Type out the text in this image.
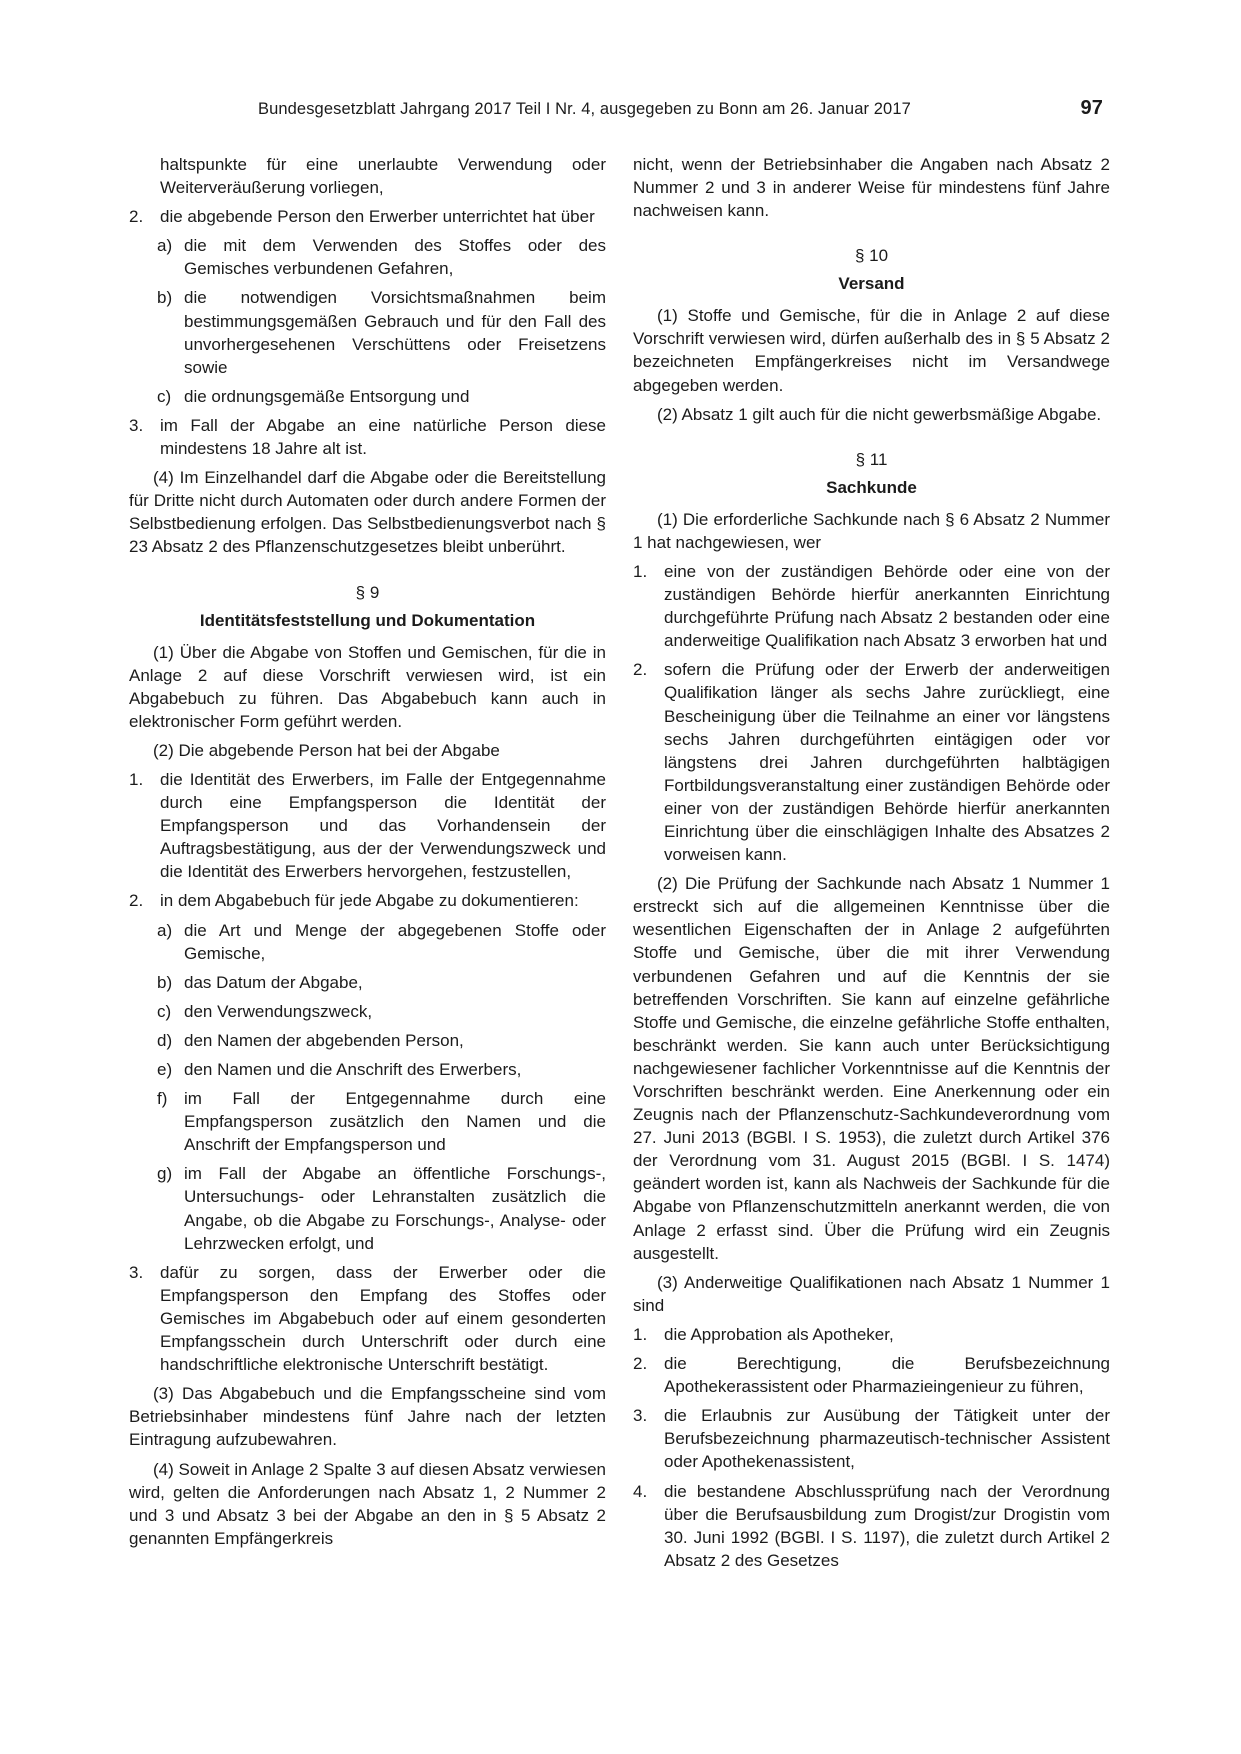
Bundesgesetzblatt Jahrgang 2017 Teil I Nr. 4, ausgegeben zu Bonn am 26. Januar 2017	97
haltspunkte für eine unerlaubte Verwendung oder Weiterveräußerung vorliegen,
2. die abgebende Person den Erwerber unterrichtet hat über
a) die mit dem Verwenden des Stoffes oder des Gemisches verbundenen Gefahren,
b) die notwendigen Vorsichtsmaßnahmen beim bestimmungsgemäßen Gebrauch und für den Fall des unvorhergesehenen Verschüttens oder Freisetzens sowie
c) die ordnungsgemäße Entsorgung und
3. im Fall der Abgabe an eine natürliche Person diese mindestens 18 Jahre alt ist.

(4) Im Einzelhandel darf die Abgabe oder die Bereitstellung für Dritte nicht durch Automaten oder durch andere Formen der Selbstbedienung erfolgen. Das Selbstbedienungsverbot nach § 23 Absatz 2 des Pflanzenschutzgesetzes bleibt unberührt.

§ 9
Identitätsfeststellung und Dokumentation

(1) Über die Abgabe von Stoffen und Gemischen, für die in Anlage 2 auf diese Vorschrift verwiesen wird, ist ein Abgabebuch zu führen. Das Abgabebuch kann auch in elektronischer Form geführt werden.

(2) Die abgebende Person hat bei der Abgabe

1. die Identität des Erwerbers, im Falle der Entgegennahme durch eine Empfangsperson die Identität der Empfangsperson und das Vorhandensein der Auftragsbestätigung, aus der der Verwendungszweck und die Identität des Erwerbers hervorgehen, festzustellen,
2. in dem Abgabebuch für jede Abgabe zu dokumentieren:
a) die Art und Menge der abgegebenen Stoffe oder Gemische,
b) das Datum der Abgabe,
c) den Verwendungszweck,
d) den Namen der abgebenden Person,
e) den Namen und die Anschrift des Erwerbers,
f) im Fall der Entgegennahme durch eine Empfangsperson zusätzlich den Namen und die Anschrift der Empfangsperson und
g) im Fall der Abgabe an öffentliche Forschungs-, Untersuchungs- oder Lehranstalten zusätzlich die Angabe, ob die Abgabe zu Forschungs-, Analyse- oder Lehrzwecken erfolgt, und
3. dafür zu sorgen, dass der Erwerber oder die Empfangsperson den Empfang des Stoffes oder Gemisches im Abgabebuch oder auf einem gesonderten Empfangsschein durch Unterschrift oder durch eine handschriftliche elektronische Unterschrift bestätigt.

(3) Das Abgabebuch und die Empfangsscheine sind vom Betriebsinhaber mindestens fünf Jahre nach der letzten Eintragung aufzubewahren.

(4) Soweit in Anlage 2 Spalte 3 auf diesen Absatz verwiesen wird, gelten die Anforderungen nach Absatz 1, 2 Nummer 2 und 3 und Absatz 3 bei der Abgabe an den in § 5 Absatz 2 genannten Empfängerkreis

nicht, wenn der Betriebsinhaber die Angaben nach Absatz 2 Nummer 2 und 3 in anderer Weise für mindestens fünf Jahre nachweisen kann.

§ 10
Versand

(1) Stoffe und Gemische, für die in Anlage 2 auf diese Vorschrift verwiesen wird, dürfen außerhalb des in § 5 Absatz 2 bezeichneten Empfängerkreises nicht im Versandwege abgegeben werden.

(2) Absatz 1 gilt auch für die nicht gewerbsmäßige Abgabe.

§ 11
Sachkunde

(1) Die erforderliche Sachkunde nach § 6 Absatz 2 Nummer 1 hat nachgewiesen, wer

1. eine von der zuständigen Behörde oder eine von der zuständigen Behörde hierfür anerkannten Einrichtung durchgeführte Prüfung nach Absatz 2 bestanden oder eine anderweitige Qualifikation nach Absatz 3 erworben hat und
2. sofern die Prüfung oder der Erwerb der anderweitigen Qualifikation länger als sechs Jahre zurückliegt, eine Bescheinigung über die Teilnahme an einer vor längstens sechs Jahren durchgeführten eintägigen oder vor längstens drei Jahren durchgeführten halbtägigen Fortbildungsveranstaltung einer zuständigen Behörde oder einer von der zuständigen Behörde hierfür anerkannten Einrichtung über die einschlägigen Inhalte des Absatzes 2 vorweisen kann.

(2) Die Prüfung der Sachkunde nach Absatz 1 Nummer 1 erstreckt sich auf die allgemeinen Kenntnisse über die wesentlichen Eigenschaften der in Anlage 2 aufgeführten Stoffe und Gemische, über die mit ihrer Verwendung verbundenen Gefahren und auf die Kenntnis der sie betreffenden Vorschriften. Sie kann auf einzelne gefährliche Stoffe und Gemische, die einzelne gefährliche Stoffe enthalten, beschränkt werden. Sie kann auch unter Berücksichtigung nachgewiesener fachlicher Vorkenntnisse auf die Kenntnis der Vorschriften beschränkt werden. Eine Anerkennung oder ein Zeugnis nach der Pflanzenschutz-Sachkundeverordnung vom 27. Juni 2013 (BGBl. I S. 1953), die zuletzt durch Artikel 376 der Verordnung vom 31. August 2015 (BGBl. I S. 1474) geändert worden ist, kann als Nachweis der Sachkunde für die Abgabe von Pflanzenschutzmitteln anerkannt werden, die von Anlage 2 erfasst sind. Über die Prüfung wird ein Zeugnis ausgestellt.

(3) Anderweitige Qualifikationen nach Absatz 1 Nummer 1 sind

1. die Approbation als Apotheker,
2. die Berechtigung, die Berufsbezeichnung Apothekerassistent oder Pharmazieingenieur zu führen,
3. die Erlaubnis zur Ausübung der Tätigkeit unter der Berufsbezeichnung pharmazeutisch-technischer Assistent oder Apothekenassistent,
4. die bestandene Abschlussprüfung nach der Verordnung über die Berufsausbildung zum Drogist/zur Drogistin vom 30. Juni 1992 (BGBl. I S. 1197), die zuletzt durch Artikel 2 Absatz 2 des Gesetzes
